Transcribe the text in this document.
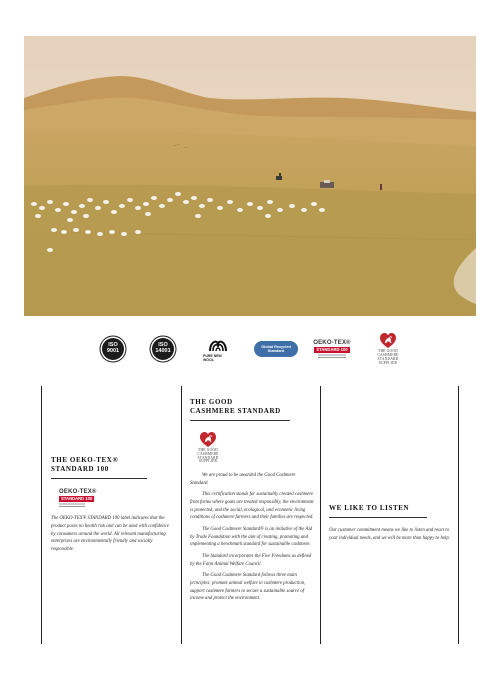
ISO
9001
ISO
14001
PURE NEW WOOL
Global Recycled
Standard
OEKO-TEX®
STANDARD 100	THE GOOD
CASHMERE
STANDARD
SUPPLIER
THE OEKO-TEX®
STANDARD 100
OEKO-TEX®
STANDARD 100

The OEKO-TEX® STANDARD 100 label indicates that the product poses no health risk and can be used with confidence by consumers around the world. All relevant manufacturing enterprises are environmentally friendly and socially responsible.

THE GOOD
CASHMERE STANDARD
THE GOOD
CASHMERE
STANDARD
SUPPLIER

We are proud to be awarded the Good Cashmere Standard.

This certification stands for sustainably created cashmere from farms where goats are treated responsibly, the environment is protected, and the social, ecological, and economic living conditions of cashmere farmers and their families are respected.

The Good Cashmere Standard® is an initiative of the Aid by Trade Foundation with the aim of creating, promoting and implementing a benchmark standard for sustainable cashmere.

The Standard incorporates the Five Freedoms as defined by the Farm Animal Welfare Council.

The Good Cashmere Standard follows three main principles: promote animal welfare in cashmere production, support cashmere farmers to secure a sustainable source of income and protect the environment.

WE LIKE TO LISTEN

Our customer commitment means we like to listen and react to your individual needs, and we will be more than happy to help.
